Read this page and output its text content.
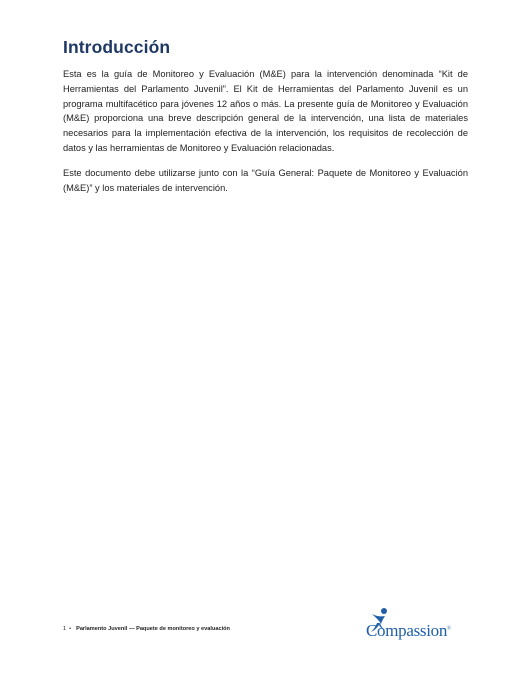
Introducción

Esta es la guía de Monitoreo y Evaluación (M&E) para la intervención denominada “Kit de Herramientas del Parlamento Juvenil”. El Kit de Herramientas del Parlamento Juvenil es un programa multifacético para jóvenes 12 años o más. La presente guía de Monitoreo y Evaluación (M&E) proporciona una breve descripción general de la intervención, una lista de materiales necesarios para la implementación efectiva de la intervención, los requisitos de recolección de datos y las herramientas de Monitoreo y Evaluación relacionadas.

Este documento debe utilizarse junto con la “Guía General: Paquete de Monitoreo y Evaluación (M&E)” y los materiales de intervención.

1 • Parlamento Juvenil — Paquete de monitoreo y evaluación	Compassion®
